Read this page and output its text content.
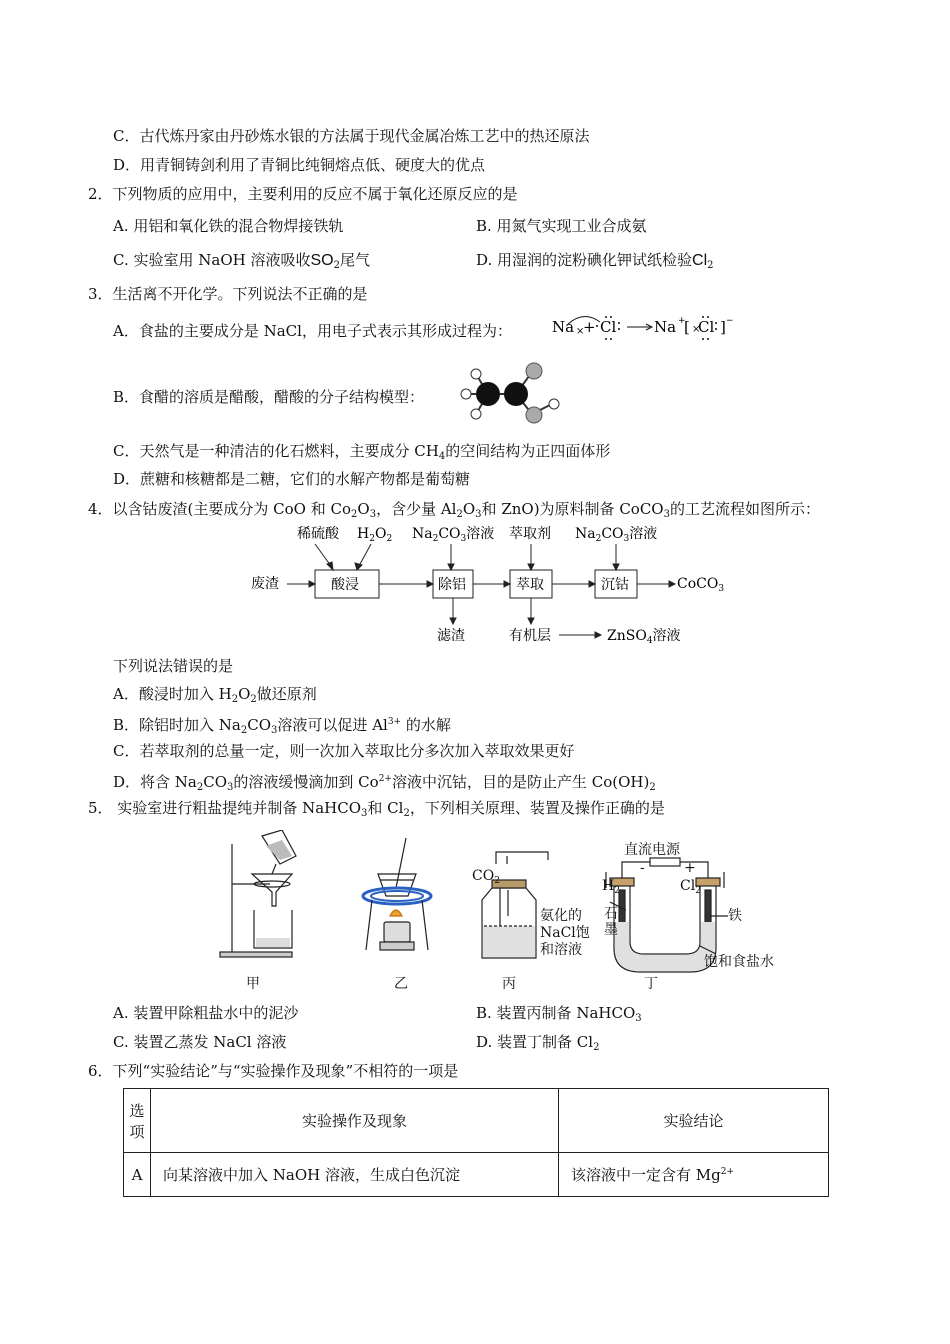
C．古代炼丹家由丹砂炼水银的方法属于现代金属冶炼工艺中的热还原法
D．用青铜铸剑利用了青铜比纯铜熔点低、硬度大的优点
2．下列物质的应用中，主要利用的反应不属于氧化还原反应的是
A. 用铝和氧化铁的混合物焊接铁轨	B. 用氮气实现工业合成氨
C. 实验室用 NaOH 溶液吸收$SO_2$尾气	D. 用湿润的淀粉碘化钾试纸检验$Cl_2$
3．生活离不开化学。下列说法不正确的是
A．食盐的主要成分是 NaCl，用电子式表示其形成过程为：	Na ×
+ Cl	Na +
[ ×
Cl ] −
B．食醋的溶质是醋酸，醋酸的分子结构模型：
C．天然气是一种清洁的化石燃料，主要成分 $CH_4$的空间结构为正四面体形
D．蔗糖和核糖都是二糖，它们的水解产物都是葡萄糖
4．以含钴废渣(主要成分为 CoO 和 $Co_2O_3$，含少量 $Al_2O_3$和 ZnO)为原料制备 CoCO$_3$的工艺流程如图所示：
稀硫酸 $H_2O_2$ $Na_2CO_3$溶液 萃取剂 $Na_2CO_3$溶液
废渣	酸浸	除铝	萃取	沉钴	CoCO$_3$
滤渣	有机层	ZnSO$_4$溶液
下列说法错误的是
A．酸浸时加入 $H_2O_2$做还原剂
B．除铝时加入 $Na_2CO_3$溶液可以促进 $Al^{3+}$ 的水解
C．若萃取剂的总量一定，则一次加入萃取比分多次加入萃取效果更好
D．将含 $Na_2CO_3$的溶液缓慢滴加到 $Co^{2+}$溶液中沉钴，目的是防止产生 $Co(OH)_2$
5． 实验室进行粗盐提纯并制备 NaHCO$_3$和 $Cl_2$，下列相关原理、装置及操作正确的是
甲	乙	丙	丁
$CO_2$
氨化的
NaCl饱
和溶液
直流电源
-	+
$H_2$	$Cl_2$
石
墨
铁
饱和食盐水
A. 装置甲除粗盐水中的泥沙	B. 装置丙制备 NaHCO$_3$
C. 装置乙蒸发 NaCl 溶液	D. 装置丁制备 $Cl_2$
6．下列“实验结论”与“实验操作及现象”不相符的一项是
选
项	实验操作及现象	实验结论
A	向某溶液中加入 NaOH 溶液，生成白色沉淀	该溶液中一定含有 $Mg^{2+}$
